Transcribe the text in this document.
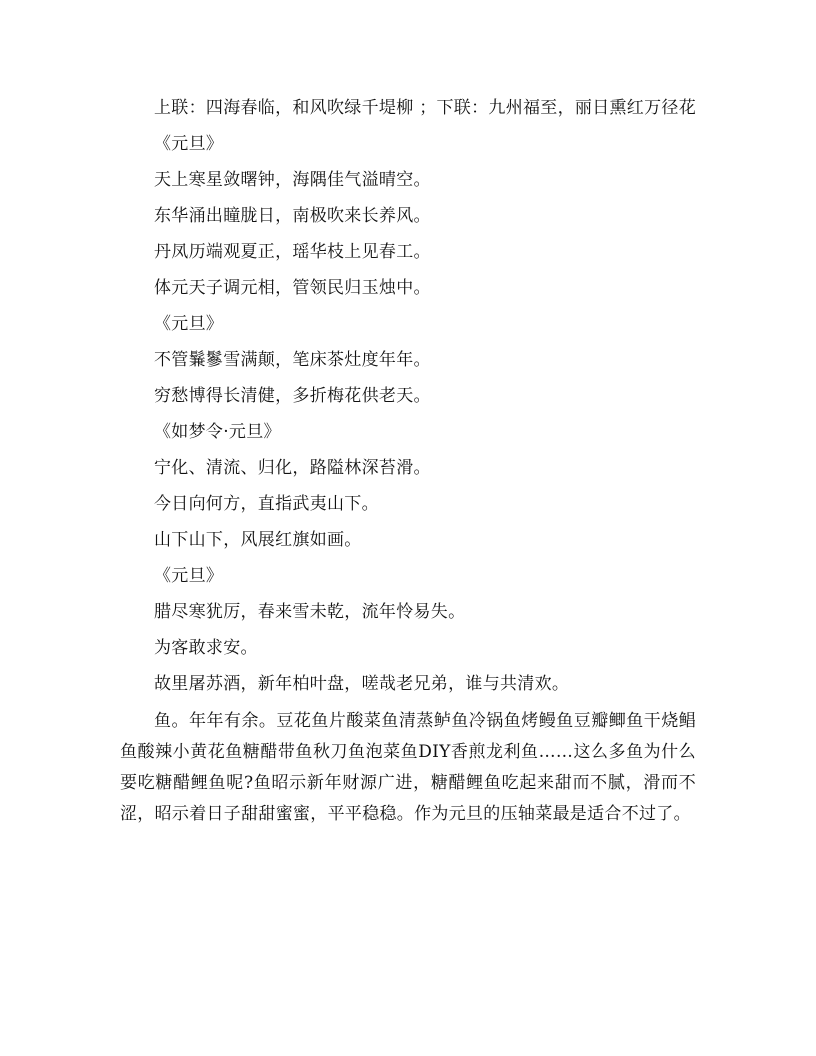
上联：四海春临，和风吹绿千堤柳 ；下联：九州福至，丽日熏红万径花

《元旦》

天上寒星敛曙钟，海隅佳气溢晴空。

东华涌出瞳胧日，南极吹来长养风。

丹凤历端观夏正，瑶华枝上见春工。

体元天子调元相，管领民归玉烛中。

《元旦》

不管鬑鬖雪满颠，笔床茶灶度年年。

穷愁博得长清健，多折梅花供老天。

《如梦令·元旦》

宁化、清流、归化，路隘林深苔滑。

今日向何方，直指武夷山下。

山下山下，风展红旗如画。

《元旦》

腊尽寒犹厉，春来雪未乾，流年怜易失。

为客敢求安。

故里屠苏酒，新年柏叶盘，嗟哉老兄弟，谁与共清欢。

鱼。年年有余。豆花鱼片酸菜鱼清蒸鲈鱼冷锅鱼烤鳗鱼豆瓣鲫鱼干烧鲳鱼酸辣小黄花鱼糖醋带鱼秋刀鱼泡菜鱼DIY香煎龙利鱼……这么多鱼为什么要吃糖醋鲤鱼呢?鱼昭示新年财源广进，糖醋鲤鱼吃起来甜而不腻，滑而不涩，昭示着日子甜甜蜜蜜，平平稳稳。作为元旦的压轴菜最是适合不过了。
